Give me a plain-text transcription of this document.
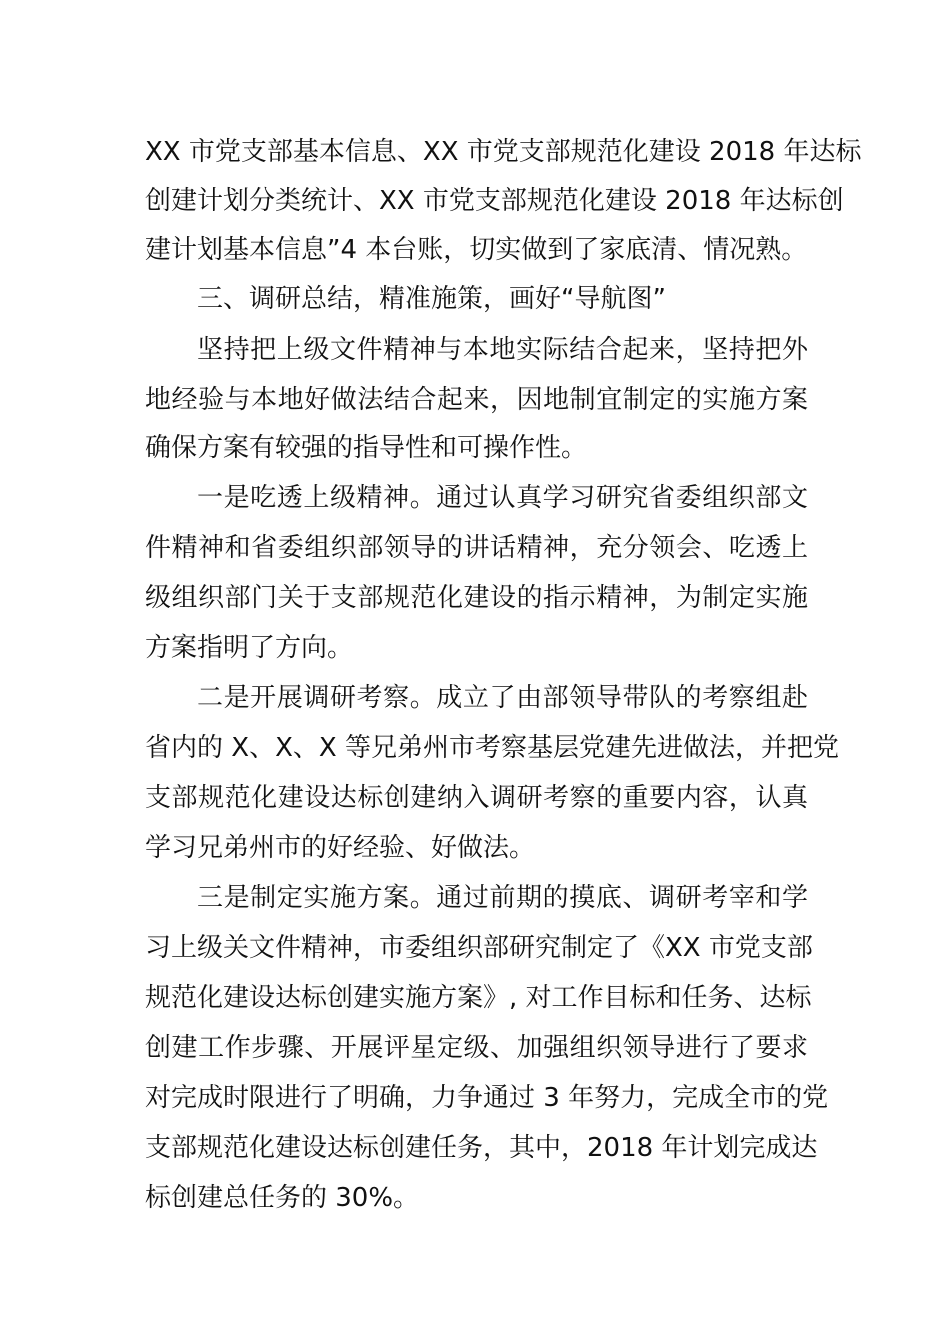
XX 市党支部基本信息、XX 市党支部规范化建设 2018 年达标
创建计划分类统计、XX 市党支部规范化建设 2018 年达标创
建计划基本信息”4 本台账，切实做到了家底清、情况熟。
三、调研总结，精准施策，画好“导航图”
坚持把上级文件精神与本地实际结合起来，坚持把外
地经验与本地好做法结合起来，因地制宜制定的实施方案
确保方案有较强的指导性和可操作性。
一是吃透上级精神。通过认真学习研究省委组织部文
件精神和省委组织部领导的讲话精神，充分领会、吃透上
级组织部门关于支部规范化建设的指示精神，为制定实施
方案指明了方向。
二是开展调研考察。成立了由部领导带队的考察组赴
省内的 X、X、X 等兄弟州市考察基层党建先进做法，并把党
支部规范化建设达标创建纳入调研考察的重要内容，认真
学习兄弟州市的好经验、好做法。
三是制定实施方案。通过前期的摸底、调研考宰和学
习上级关文件精神，市委组织部研究制定了《XX 市党支部
规范化建设达标创建实施方案》, 对工作目标和任务、达标
创建工作步骤、开展评星定级、加强组织领导进行了要求
对完成时限进行了明确，力争通过 3 年努力，完成全市的党
支部规范化建设达标创建任务，其中，2018 年计划完成达
标创建总任务的 30%。
